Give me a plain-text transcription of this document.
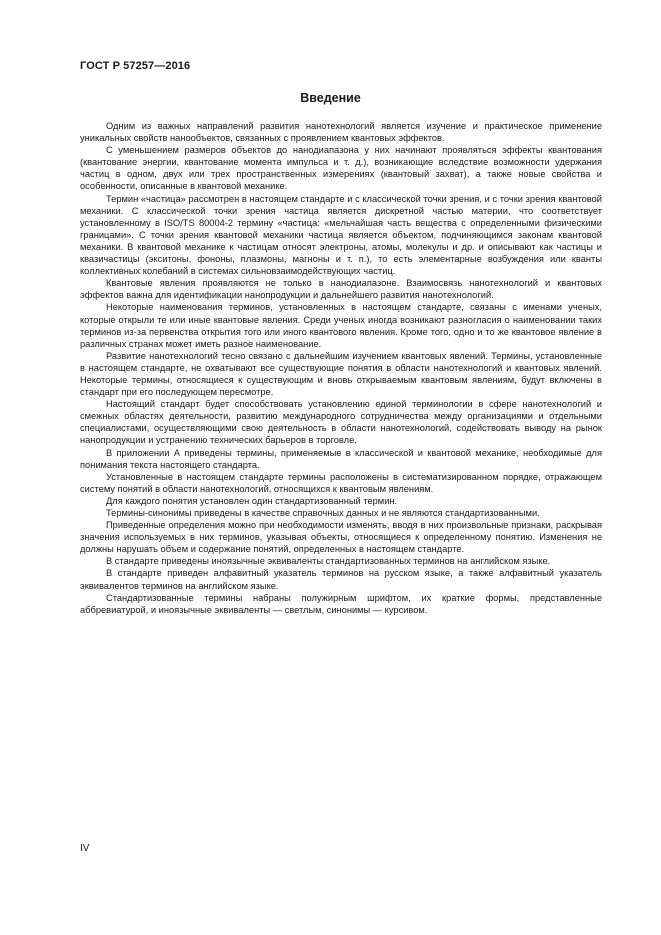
ГОСТ Р 57257—2016
Введение

Одним из важных направлений развития нанотехнологий является изучение и практическое применение уникальных свойств нанообъектов, связанных с проявлением квантовых эффектов.

С уменьшением размеров объектов до нанодиапазона у них начинают проявляться эффекты квантования (квантование энергии, квантование момента импульса и т. д.), возникающие вследствие возможности удержания частиц в одном, двух или трех пространственных измерениях (квантовый захват), а также новые свойства и особенности, описанные в квантовой механике.

Термин «частица» рассмотрен в настоящем стандарте и с классической точки зрения, и с точки зрения квантовой механики. С классической точки зрения частица является дискретной частью материи, что соответствует установленному в ISO/TS 80004-2 термину «частица: «мельчайшая часть вещества с определенными физическими границами». С точки зрения квантовой механики частица является объектом, подчиняющимся законам квантовой механики. В квантовой механике к частицам относят электроны, атомы, молекулы и др. и описывают как частицы и квазичастицы (экситоны, фононы, плазмоны, магноны и т. п.), то есть элементарные возбуждения или кванты коллективных колебаний в системах сильновзаимодействующих частиц.

Квантовые явления проявляются не только в нанодиапазоне. Взаимосвязь нанотехнологий и квантовых эффектов важна для идентификации нанопродукции и дальнейшего развития нанотехнологий.

Некоторые наименования терминов, установленных в настоящем стандарте, связаны с именами ученых, которые открыли те или иные квантовые явления. Среди ученых иногда возникают разногласия о наименовании таких терминов из-за первенства открытия того или иного квантового явления. Кроме того, одно и то же квантовое явление в различных странах может иметь разное наименование.

Развитие нанотехнологий тесно связано с дальнейшим изучением квантовых явлений. Термины, установленные в настоящем стандарте, не охватывают все существующие понятия в области нанотехнологий и квантовых явлений. Некоторые термины, относящиеся к существующим и вновь открываемым квантовым явлениям, будут включены в стандарт при его последующем пересмотре.

Настоящий стандарт будет способствовать установлению единой терминологии в сфере нанотехнологий и смежных областях деятельности, развитию международного сотрудничества между организациями и отдельными специалистами, осуществляющими свою деятельность в области нанотехнологий, содействовать выводу на рынок нанопродукции и устранению технических барьеров в торговле.

В приложении А приведены термины, применяемые в классической и квантовой механике, необходимые для понимания текста настоящего стандарта.

Установленные в настоящем стандарте термины расположены в систематизированном порядке, отражающем систему понятий в области нанотехнологий, относящихся к квантовым явлениям.

Для каждого понятия установлен один стандартизованный термин.

Термины-синонимы приведены в качестве справочных данных и не являются стандартизованными.

Приведенные определения можно при необходимости изменять, вводя в них произвольные признаки, раскрывая значения используемых в них терминов, указывая объекты, относящиеся к определенному понятию. Изменения не должны нарушать объем и содержание понятий, определенных в настоящем стандарте.

В стандарте приведены иноязычные эквиваленты стандартизованных терминов на английском языке.

В стандарте приведен алфавитный указатель терминов на русском языке, а также алфавитный указатель эквивалентов терминов на английском языке.

Стандартизованные термины набраны полужирным шрифтом, их краткие формы, представленные аббревиатурой, и иноязычные эквиваленты — светлым, синонимы — курсивом.

IV
